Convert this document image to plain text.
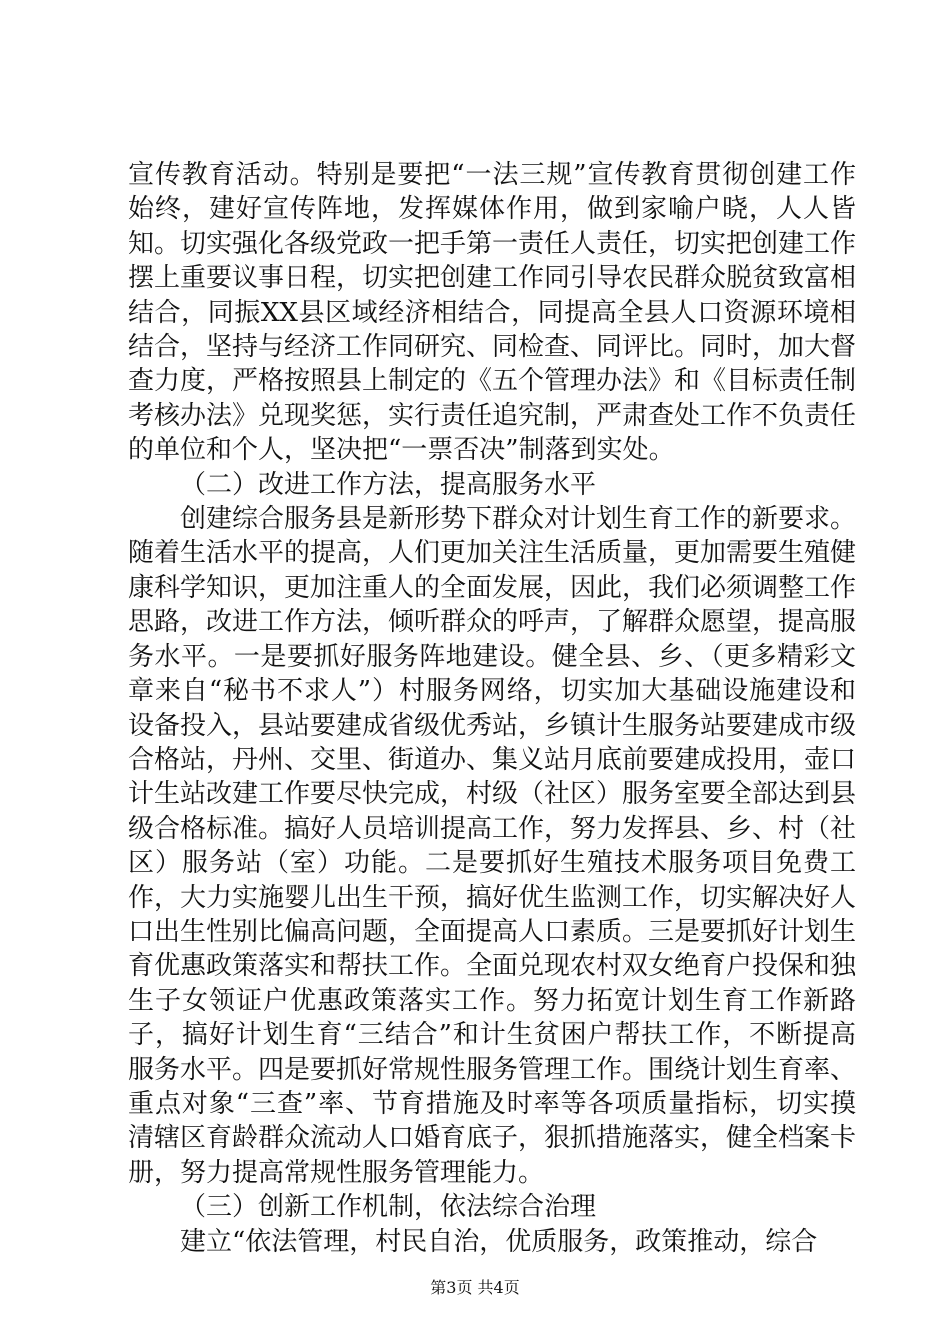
宣传教育活动。特别是要把“一法三规”宣传教育贯彻创建工作始终，建好宣传阵地，发挥媒体作用，做到家喻户晓，人人皆知。切实强化各级党政一把手第一责任人责任，切实把创建工作摆上重要议事日程，切实把创建工作同引导农民群众脱贫致富相结合，同振XX县区域经济相结合，同提高全县人口资源环境相结合，坚持与经济工作同研究、同检查、同评比。同时，加大督查力度，严格按照县上制定的《五个管理办法》和《目标责任制考核办法》兑现奖惩，实行责任追究制，严肃查处工作不负责任的单位和个人，坚决把“一票否决”制落到实处。

（二）改进工作方法，提高服务水平

创建综合服务县是新形势下群众对计划生育工作的新要求。随着生活水平的提高，人们更加关注生活质量，更加需要生殖健康科学知识，更加注重人的全面发展，因此，我们必须调整工作思路，改进工作方法，倾听群众的呼声，了解群众愿望，提高服务水平。一是要抓好服务阵地建设。健全县、乡、（更多精彩文章来自“秘书不求人”）村服务网络，切实加大基础设施建设和设备投入，县站要建成省级优秀站，乡镇计生服务站要建成市级合格站，丹州、交里、街道办、集义站月底前要建成投用，壶口计生站改建工作要尽快完成，村级（社区）服务室要全部达到县级合格标准。搞好人员培训提高工作，努力发挥县、乡、村（社区）服务站（室）功能。二是要抓好生殖技术服务项目免费工作，大力实施婴儿出生干预，搞好优生监测工作，切实解决好人口出生性别比偏高问题，全面提高人口素质。三是要抓好计划生育优惠政策落实和帮扶工作。全面兑现农村双女绝育户投保和独生子女领证户优惠政策落实工作。努力拓宽计划生育工作新路子，搞好计划生育“三结合”和计生贫困户帮扶工作，不断提高服务水平。四是要抓好常规性服务管理工作。围绕计划生育率、重点对象“三查”率、节育措施及时率等各项质量指标，切实摸清辖区育龄群众流动人口婚育底子，狠抓措施落实，健全档案卡册，努力提高常规性服务管理能力。

（三）创新工作机制，依法综合治理

建立“依法管理，村民自治，优质服务，政策推动，综合

第3页 共4页
